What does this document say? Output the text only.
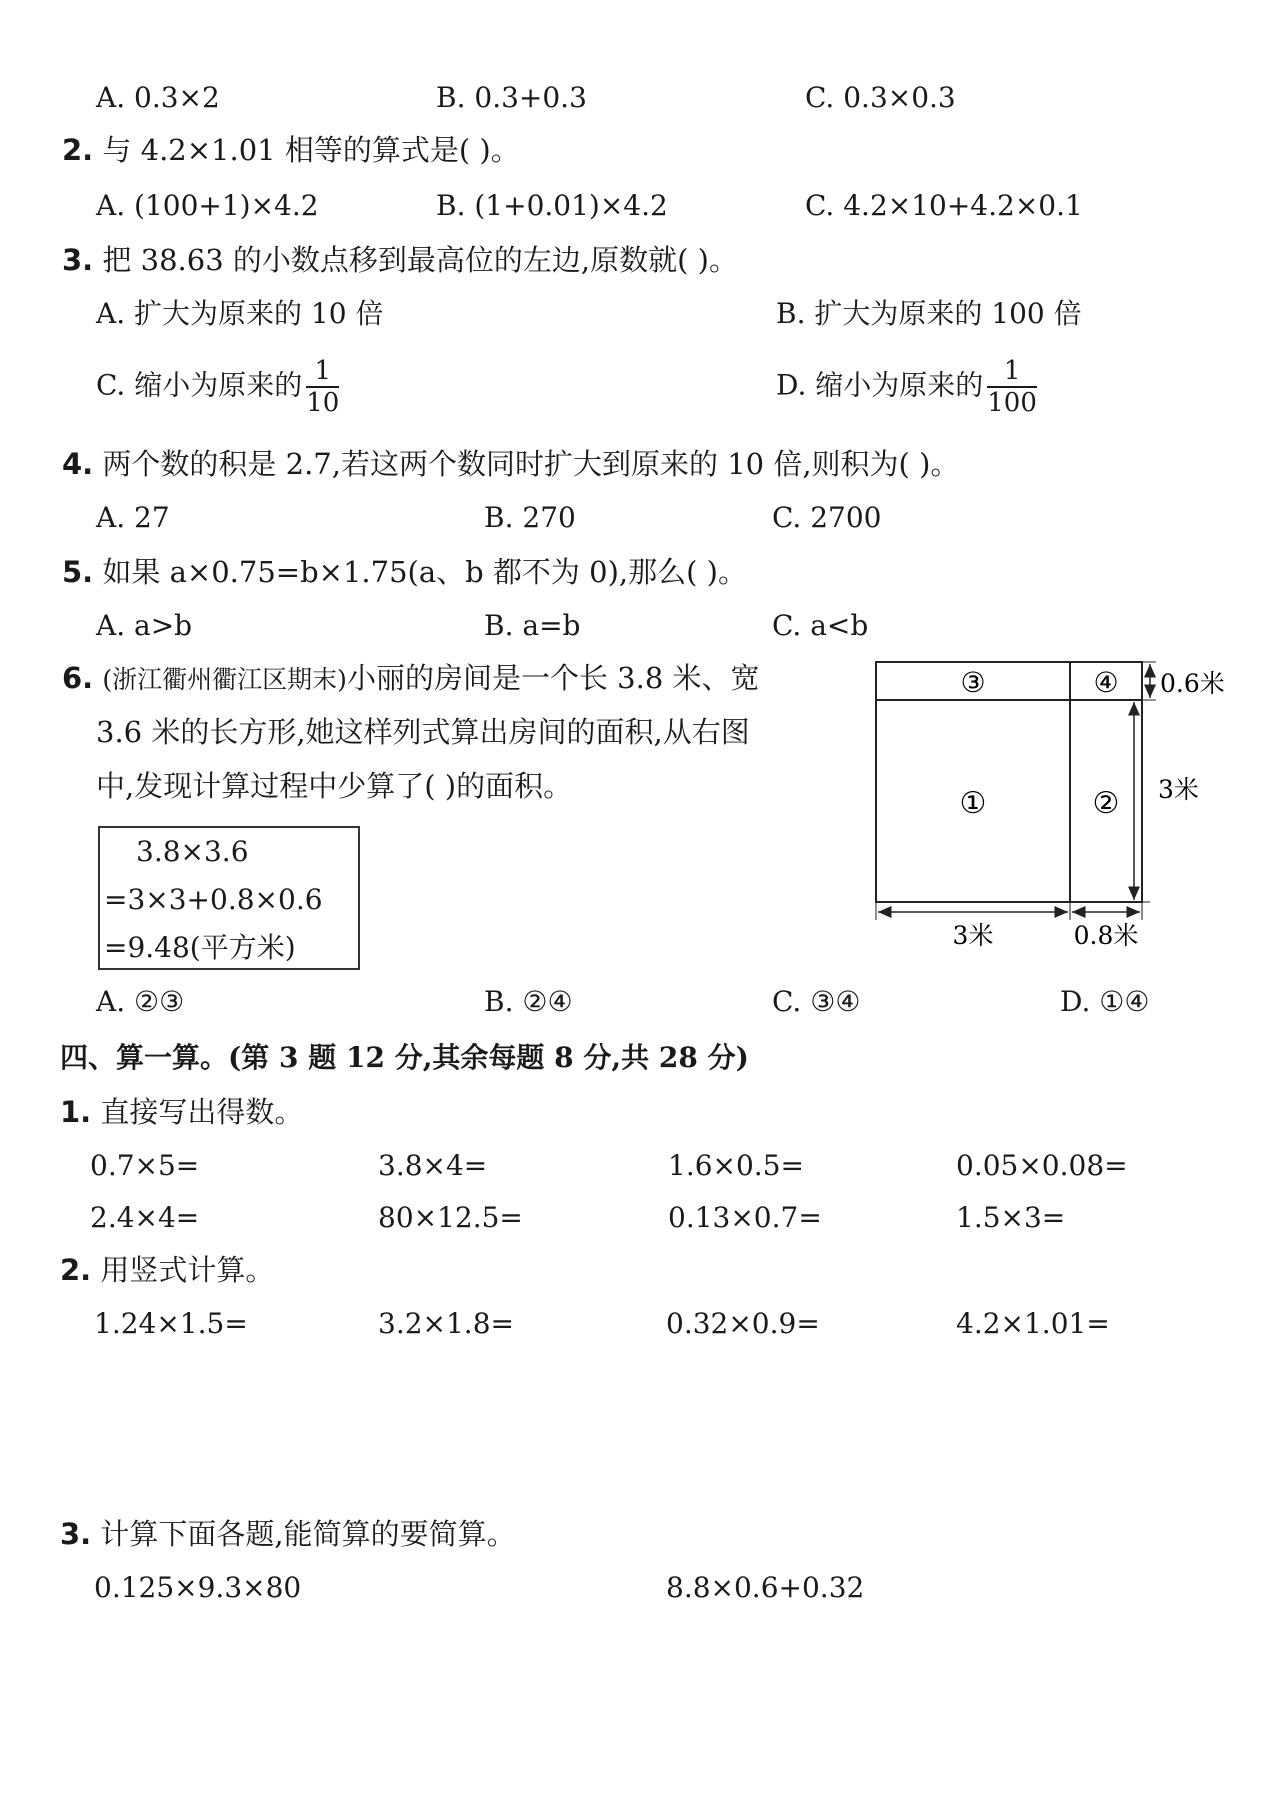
A. 0.3×2	B. 0.3+0.3	C. 0.3×0.3
2. 与 4.2×1.01 相等的算式是( )。
A. (100+1)×4.2	B. (1+0.01)×4.2	C. 4.2×10+4.2×0.1
3. 把 38.63 的小数点移到最高位的左边,原数就( )。
A. 扩大为原来的 10 倍	B. 扩大为原来的 100 倍
C. 缩小为原来的 $\frac{1}{10}$	D. 缩小为原来的 $\frac{1}{100}$
4. 两个数的积是 2.7,若这两个数同时扩大到原来的 10 倍,则积为( )。
A. 27	B. 270	C. 2700
5. 如果 a×0.75=b×1.75(a、b 都不为 0),那么( )。
A. a>b	B. a=b	C. a<b
6. (浙江衢州衢江区期末)小丽的房间是一个长 3.8 米、宽
3.6 米的长方形,她这样列式算出房间的面积,从右图
中,发现计算过程中少算了( )的面积。
3.8×3.6
=3×3+0.8×0.6
=9.48(平方米)
③	④
①	②
0.6米
3米
3米	0.8米
A. ②③	B. ②④	C. ③④	D. ①④
四、算一算。(第 3 题 12 分,其余每题 8 分,共 28 分)
1. 直接写出得数。
0.7×5=	3.8×4=	1.6×0.5=	0.05×0.08=
2.4×4=	80×12.5=	0.13×0.7=	1.5×3=
2. 用竖式计算。
1.24×1.5=	3.2×1.8=	0.32×0.9=	4.2×1.01=
3. 计算下面各题,能简算的要简算。
0.125×9.3×80	8.8×0.6+0.32
